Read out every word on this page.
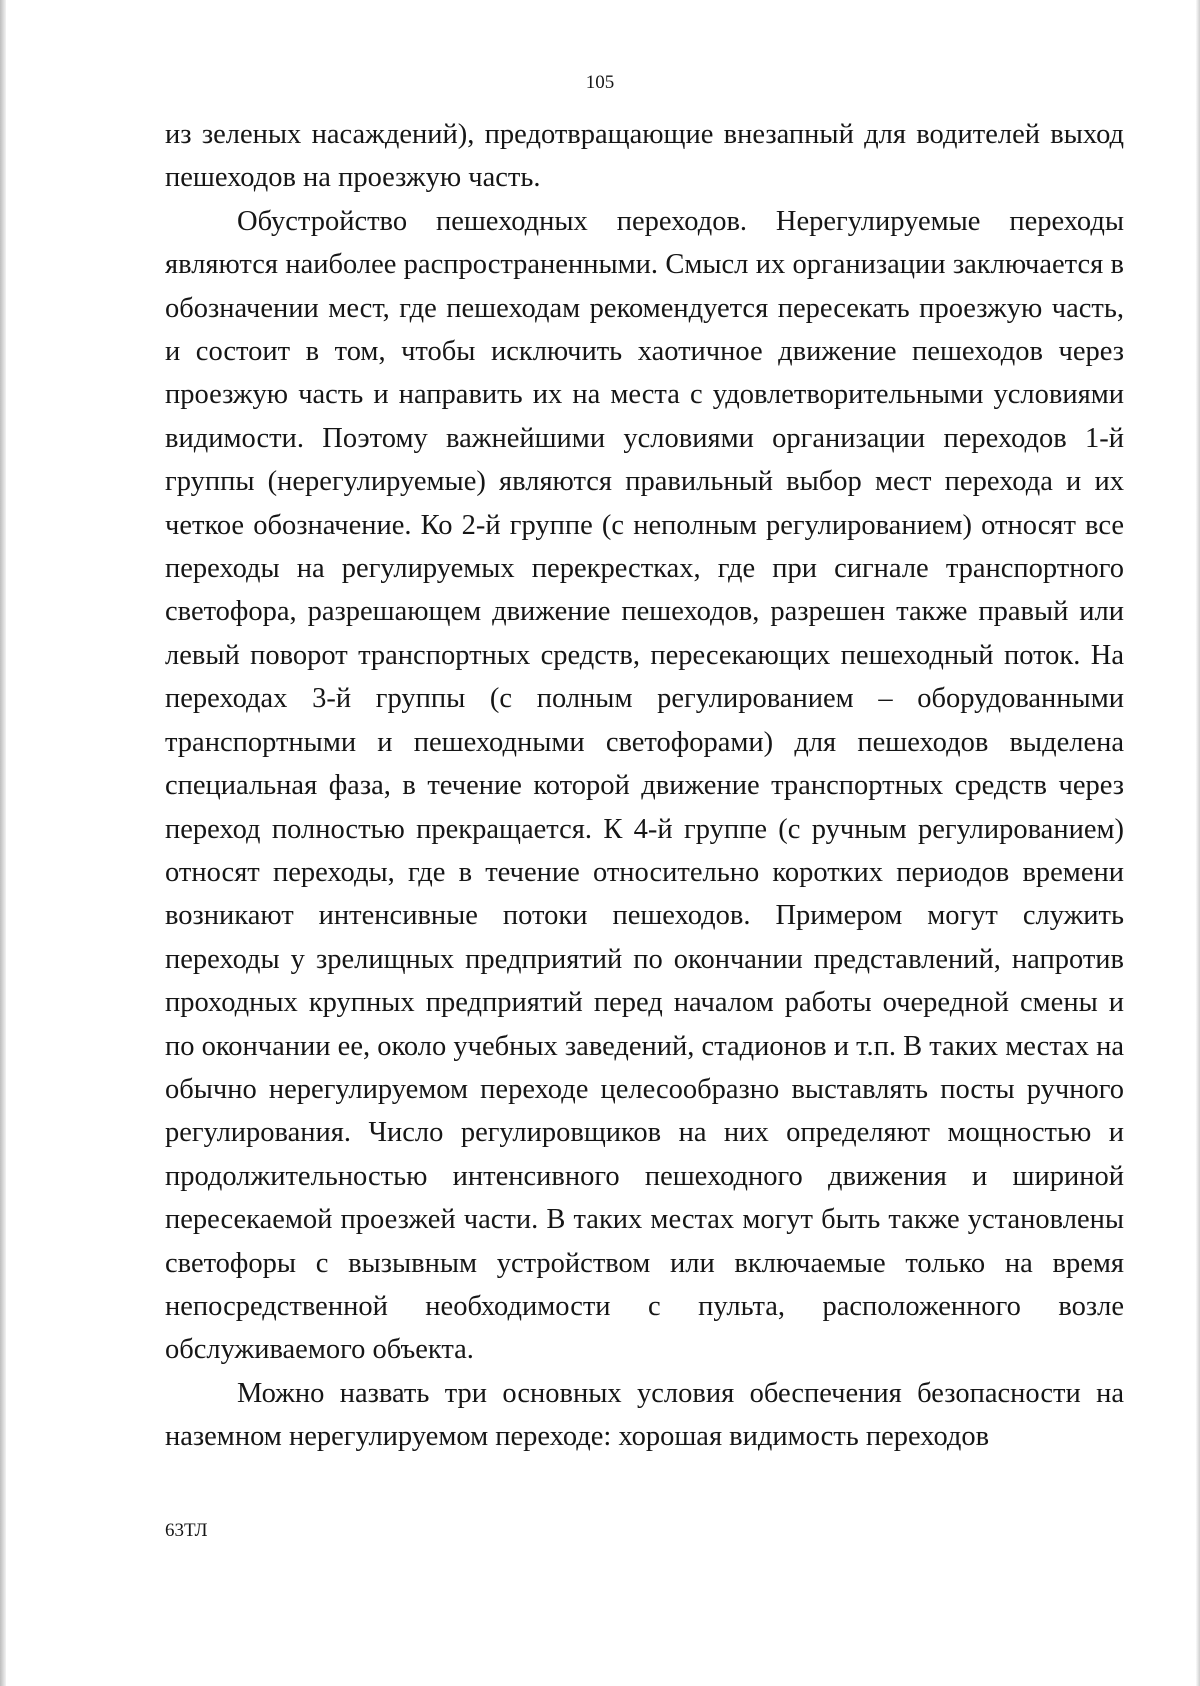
105

из зеленых насаждений), предотвращающие внезапный для водителей выход пешеходов на проезжую часть.

Обустройство пешеходных переходов. Нерегулируемые переходы являются наиболее распространенными. Смысл их организации заключается в обозначении мест, где пешеходам рекомендуется пересекать проезжую часть, и состоит в том, чтобы исключить хаотичное движение пешеходов через проезжую часть и направить их на места с удовлетворительными условиями видимости. Поэтому важнейшими условиями организации переходов 1-й группы (нерегулируемые) являются правильный выбор мест перехода и их четкое обозначение. Ко 2-й группе (с неполным регулированием) относят все переходы на регулируемых перекрестках, где при сигнале транспортного светофора, разрешающем движение пешеходов, разрешен также правый или левый поворот транспортных средств, пересекающих пешеходный поток. На переходах 3-й группы (с полным регулированием – оборудованными транспортными и пешеходными светофорами) для пешеходов выделена специальная фаза, в течение которой движение транспортных средств через переход полностью прекращается. К 4-й группе (с ручным регулированием) относят переходы, где в течение относительно коротких периодов времени возникают интенсивные потоки пешеходов. Примером могут служить переходы у зрелищных предприятий по окончании представлений, напротив проходных крупных предприятий перед началом работы очередной смены и по окончании ее, около учебных заведений, стадионов и т.п. В таких местах на обычно нерегулируемом переходе целесообразно выставлять посты ручного регулирования. Число регулировщиков на них определяют мощностью и продолжительностью интенсивного пешеходного движения и шириной пересекаемой проезжей части. В таких местах могут быть также установлены светофоры с вызывным устройством или включаемые только на время непосредственной необходимости с пульта, расположенного возле обслуживаемого объекта.

Можно назвать три основных условия обеспечения безопасности на наземном нерегулируемом переходе: хорошая видимость переходов

63ТЛ
